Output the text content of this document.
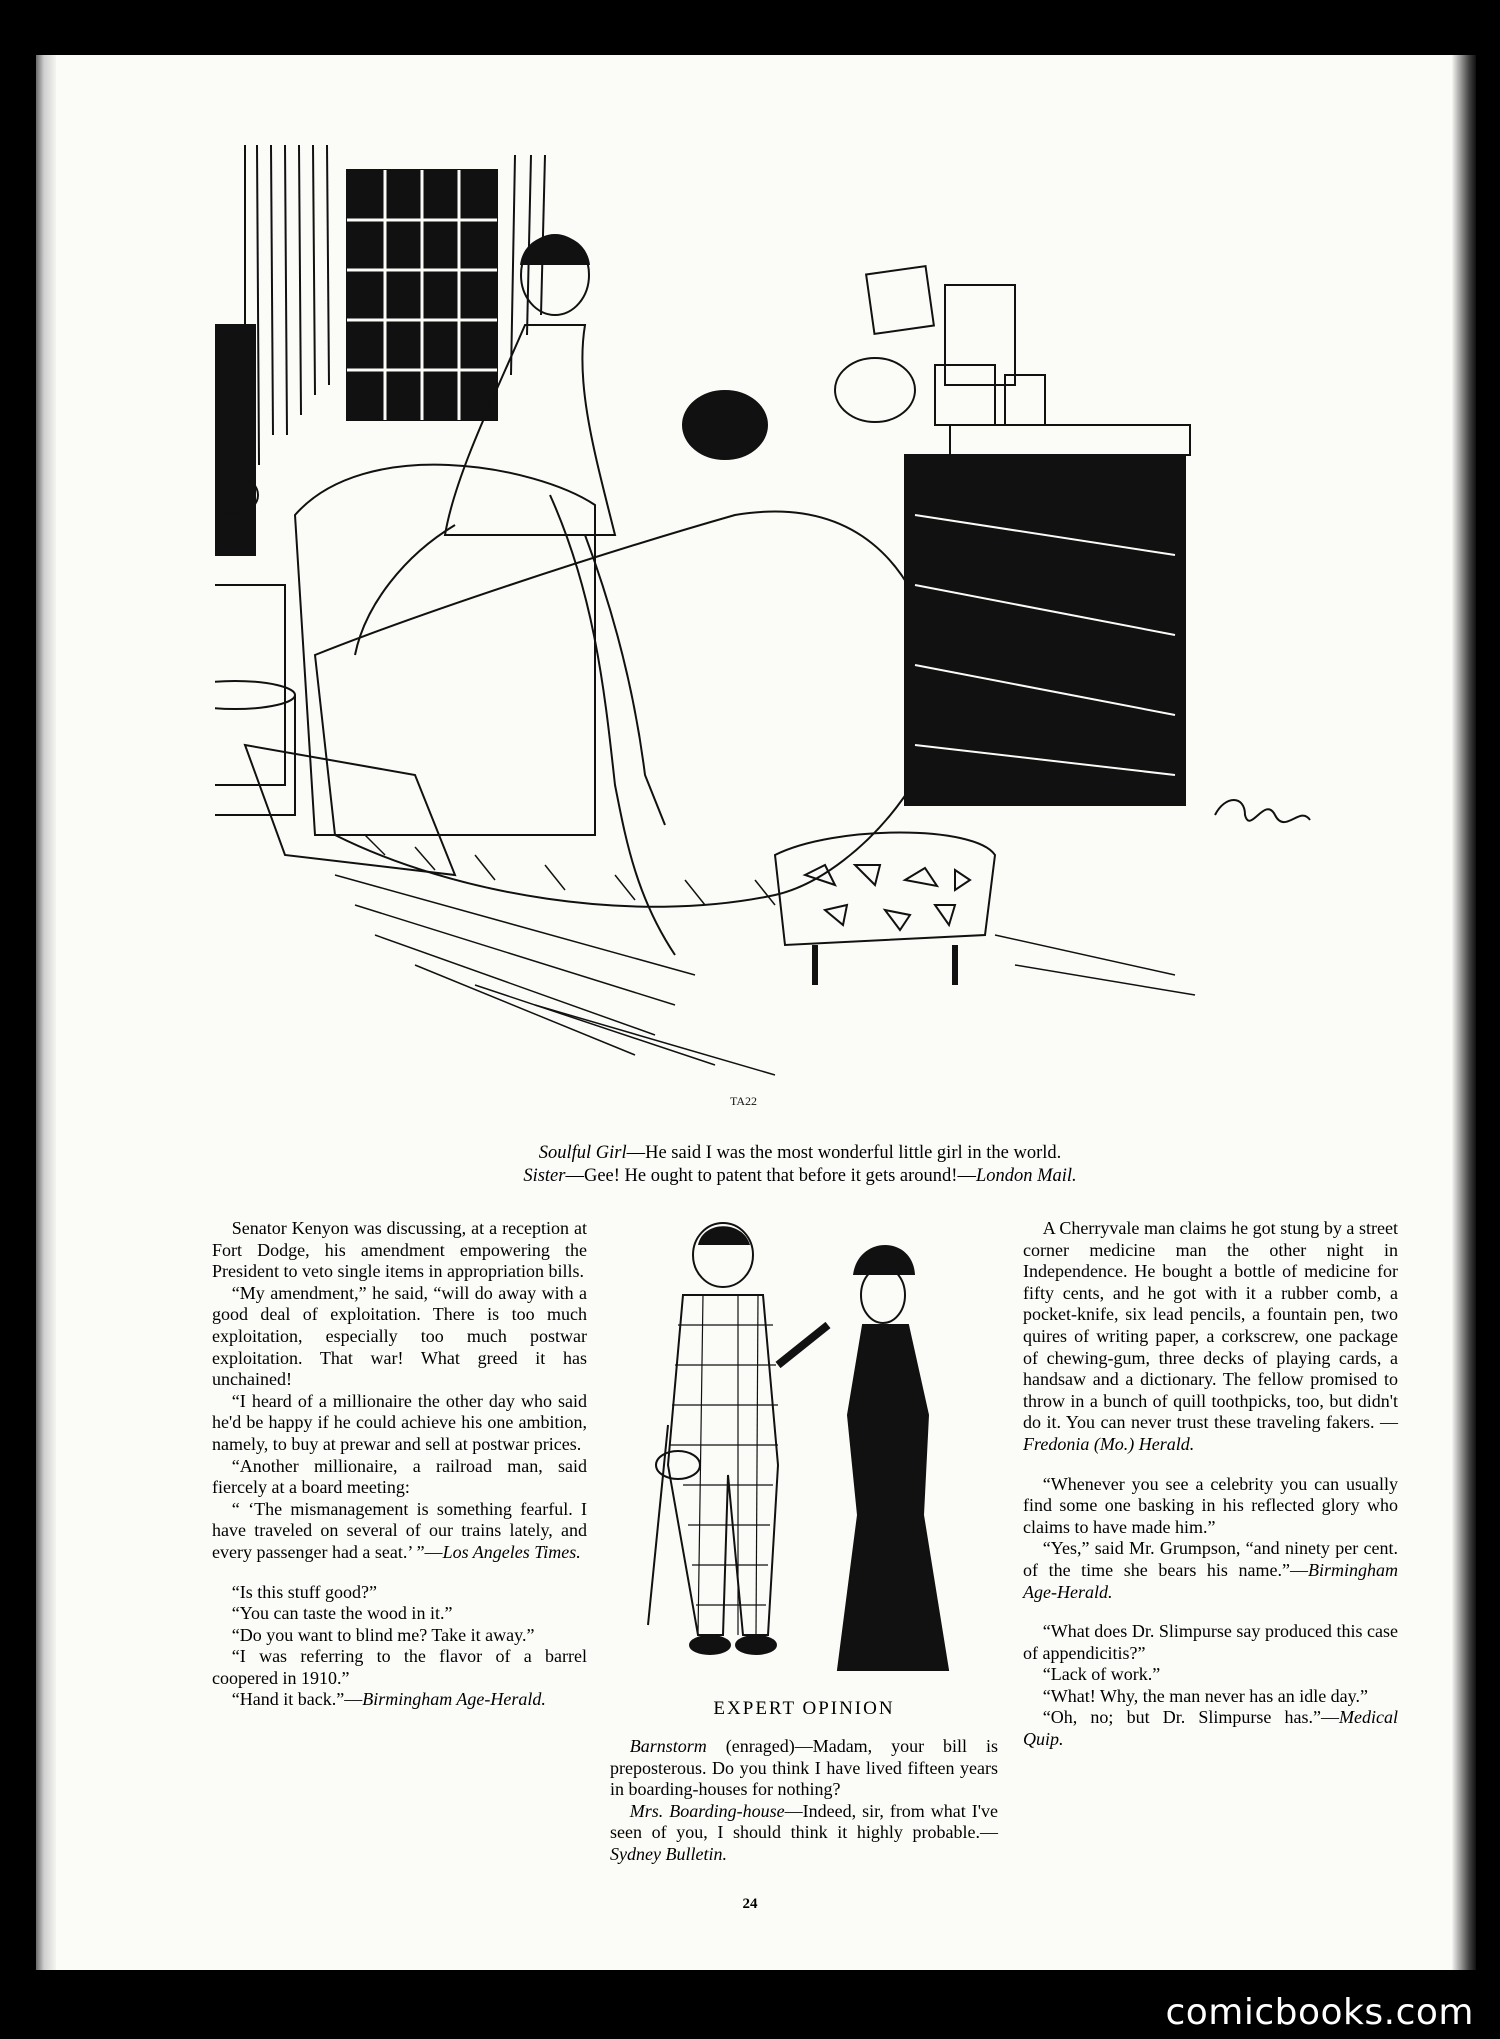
TA22
Soulful Girl—He said I was the most wonderful little girl in the world.
Sister—Gee! He ought to patent that before it gets around!—London Mail.

Senator Kenyon was discussing, at a reception at Fort Dodge, his amendment empowering the President to veto single items in appropriation bills.

“My amendment,” he said, “will do away with a good deal of exploitation. There is too much exploitation, especially too much postwar exploitation. That war! What greed it has unchained!

“I heard of a millionaire the other day who said he'd be happy if he could achieve his one ambition, namely, to buy at prewar and sell at postwar prices.

“Another millionaire, a railroad man, said fiercely at a board meeting:

“ ‘The mismanagement is something fearful. I have traveled on several of our trains lately, and every passenger had a seat.’ ”—Los Angeles Times.

“Is this stuff good?”

“You can taste the wood in it.”

“Do you want to blind me? Take it away.”

“I was referring to the flavor of a barrel coopered in 1910.”

“Hand it back.”—Birmingham Age-Herald.	EXPERT OPINION

Barnstorm (enraged)—Madam, your bill is preposterous. Do you think I have lived fifteen years in boarding-houses for nothing?

Mrs. Boarding-house—Indeed, sir, from what I've seen of you, I should think it highly probable.—Sydney Bulletin.

A Cherryvale man claims he got stung by a street corner medicine man the other night in Independence. He bought a bottle of medicine for fifty cents, and he got with it a rubber comb, a pocket-knife, six lead pencils, a fountain pen, two quires of writing paper, a corkscrew, one package of chewing-gum, three decks of playing cards, a handsaw and a dictionary. The fellow promised to throw in a bunch of quill toothpicks, too, but didn't do it. You can never trust these traveling fakers. — Fredonia (Mo.) Herald.

“Whenever you see a celebrity you can usually find some one basking in his reflected glory who claims to have made him.”

“Yes,” said Mr. Grumpson, “and ninety per cent. of the time she bears his name.”—Birmingham Age-Herald.

“What does Dr. Slimpurse say produced this case of appendicitis?”

“Lack of work.”

“What! Why, the man never has an idle day.”

“Oh, no; but Dr. Slimpurse has.”—Medical Quip.

24
comicbooks.com
